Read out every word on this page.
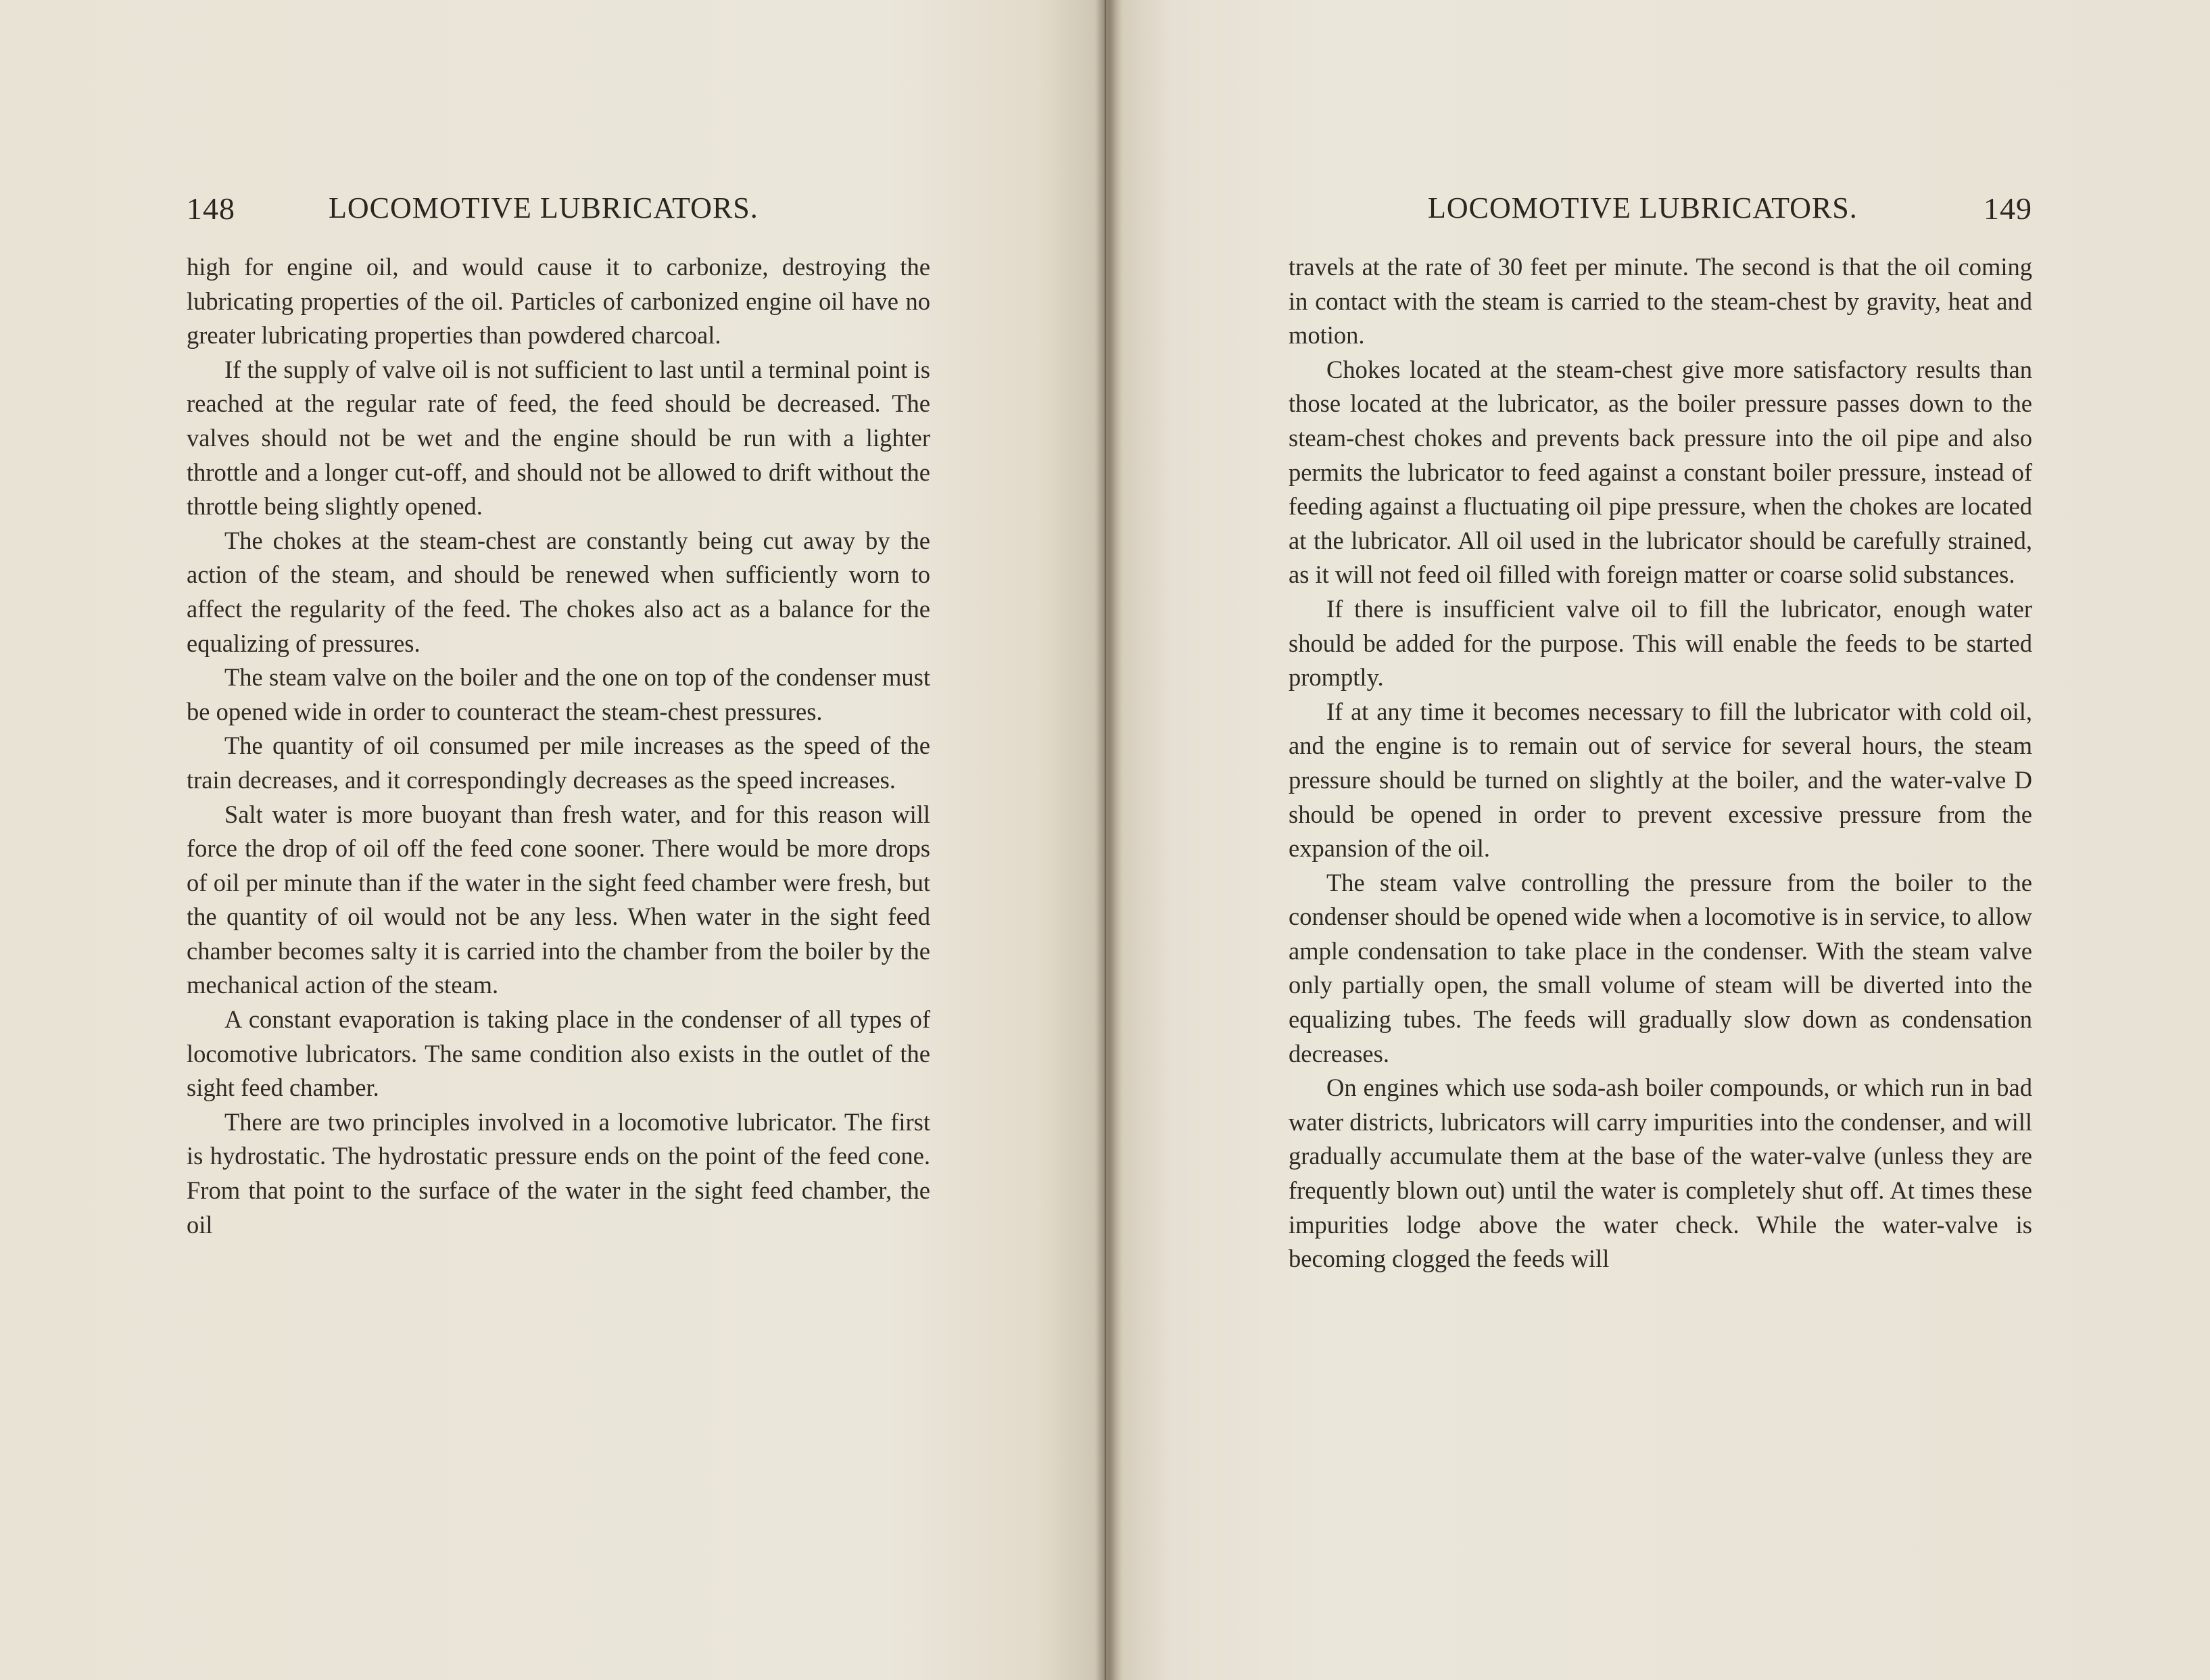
148	LOCOMOTIVE LUBRICATORS.

high for engine oil, and would cause it to carbonize, destroying the lubricating properties of the oil. Particles of carbonized engine oil have no greater lubricating properties than powdered charcoal.

If the supply of valve oil is not sufficient to last until a terminal point is reached at the regular rate of feed, the feed should be decreased. The valves should not be wet and the engine should be run with a lighter throttle and a longer cut-off, and should not be allowed to drift without the throttle being slightly opened.

The chokes at the steam-chest are constantly being cut away by the action of the steam, and should be renewed when sufficiently worn to affect the regularity of the feed. The chokes also act as a balance for the equalizing of pressures.

The steam valve on the boiler and the one on top of the condenser must be opened wide in order to counteract the steam-chest pressures.

The quantity of oil consumed per mile increases as the speed of the train decreases, and it correspondingly decreases as the speed increases.

Salt water is more buoyant than fresh water, and for this reason will force the drop of oil off the feed cone sooner. There would be more drops of oil per minute than if the water in the sight feed chamber were fresh, but the quantity of oil would not be any less. When water in the sight feed chamber becomes salty it is carried into the chamber from the boiler by the mechanical action of the steam.

A constant evaporation is taking place in the condenser of all types of locomotive lubricators. The same condition also exists in the outlet of the sight feed chamber.

There are two principles involved in a locomotive lubricator. The first is hydrostatic. The hydrostatic pressure ends on the point of the feed cone. From that point to the surface of the water in the sight feed chamber, the oil

LOCOMOTIVE LUBRICATORS.	149

travels at the rate of 30 feet per minute. The second is that the oil coming in contact with the steam is carried to the steam-chest by gravity, heat and motion.

Chokes located at the steam-chest give more satisfactory results than those located at the lubricator, as the boiler pressure passes down to the steam-chest chokes and prevents back pressure into the oil pipe and also permits the lubricator to feed against a constant boiler pressure, instead of feeding against a fluctuating oil pipe pressure, when the chokes are located at the lubricator. All oil used in the lubricator should be carefully strained, as it will not feed oil filled with foreign matter or coarse solid substances.

If there is insufficient valve oil to fill the lubricator, enough water should be added for the purpose. This will enable the feeds to be started promptly.

If at any time it becomes necessary to fill the lubricator with cold oil, and the engine is to remain out of service for several hours, the steam pressure should be turned on slightly at the boiler, and the water-valve D should be opened in order to prevent excessive pressure from the expansion of the oil.

The steam valve controlling the pressure from the boiler to the condenser should be opened wide when a locomotive is in service, to allow ample condensation to take place in the condenser. With the steam valve only partially open, the small volume of steam will be diverted into the equalizing tubes. The feeds will gradually slow down as condensation decreases.

On engines which use soda-ash boiler compounds, or which run in bad water districts, lubricators will carry impurities into the condenser, and will gradually accumulate them at the base of the water-valve (unless they are frequently blown out) until the water is completely shut off. At times these impurities lodge above the water check. While the water-valve is becoming clogged the feeds will
